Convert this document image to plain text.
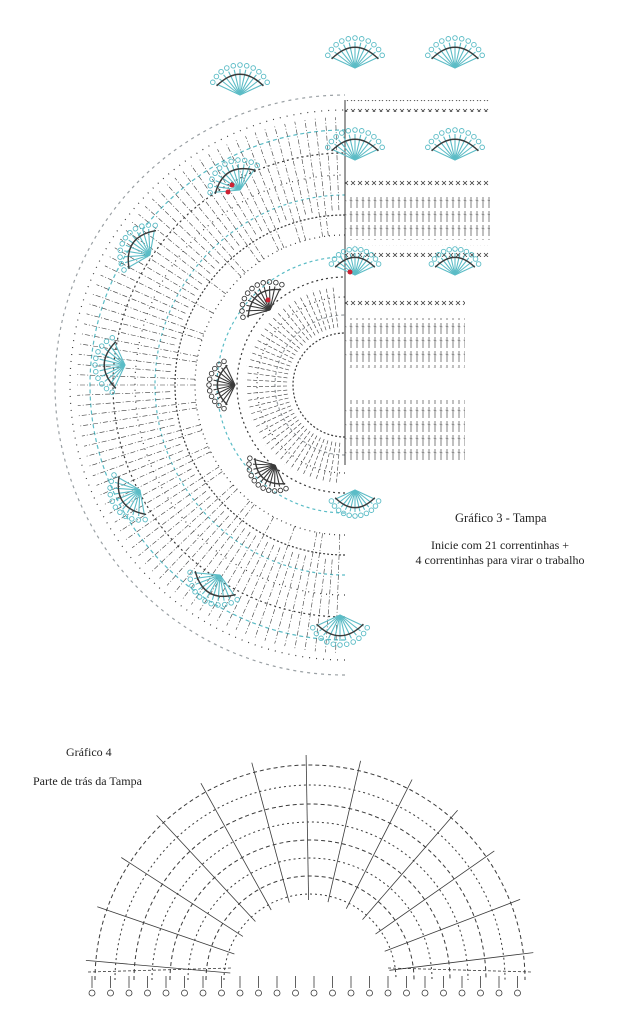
Gráfico 3 - Tampa

Inicie com 21 correntinhas +
4 correntinhas para virar o trabalho

Gráfico 4

Parte de trás da Tampa
